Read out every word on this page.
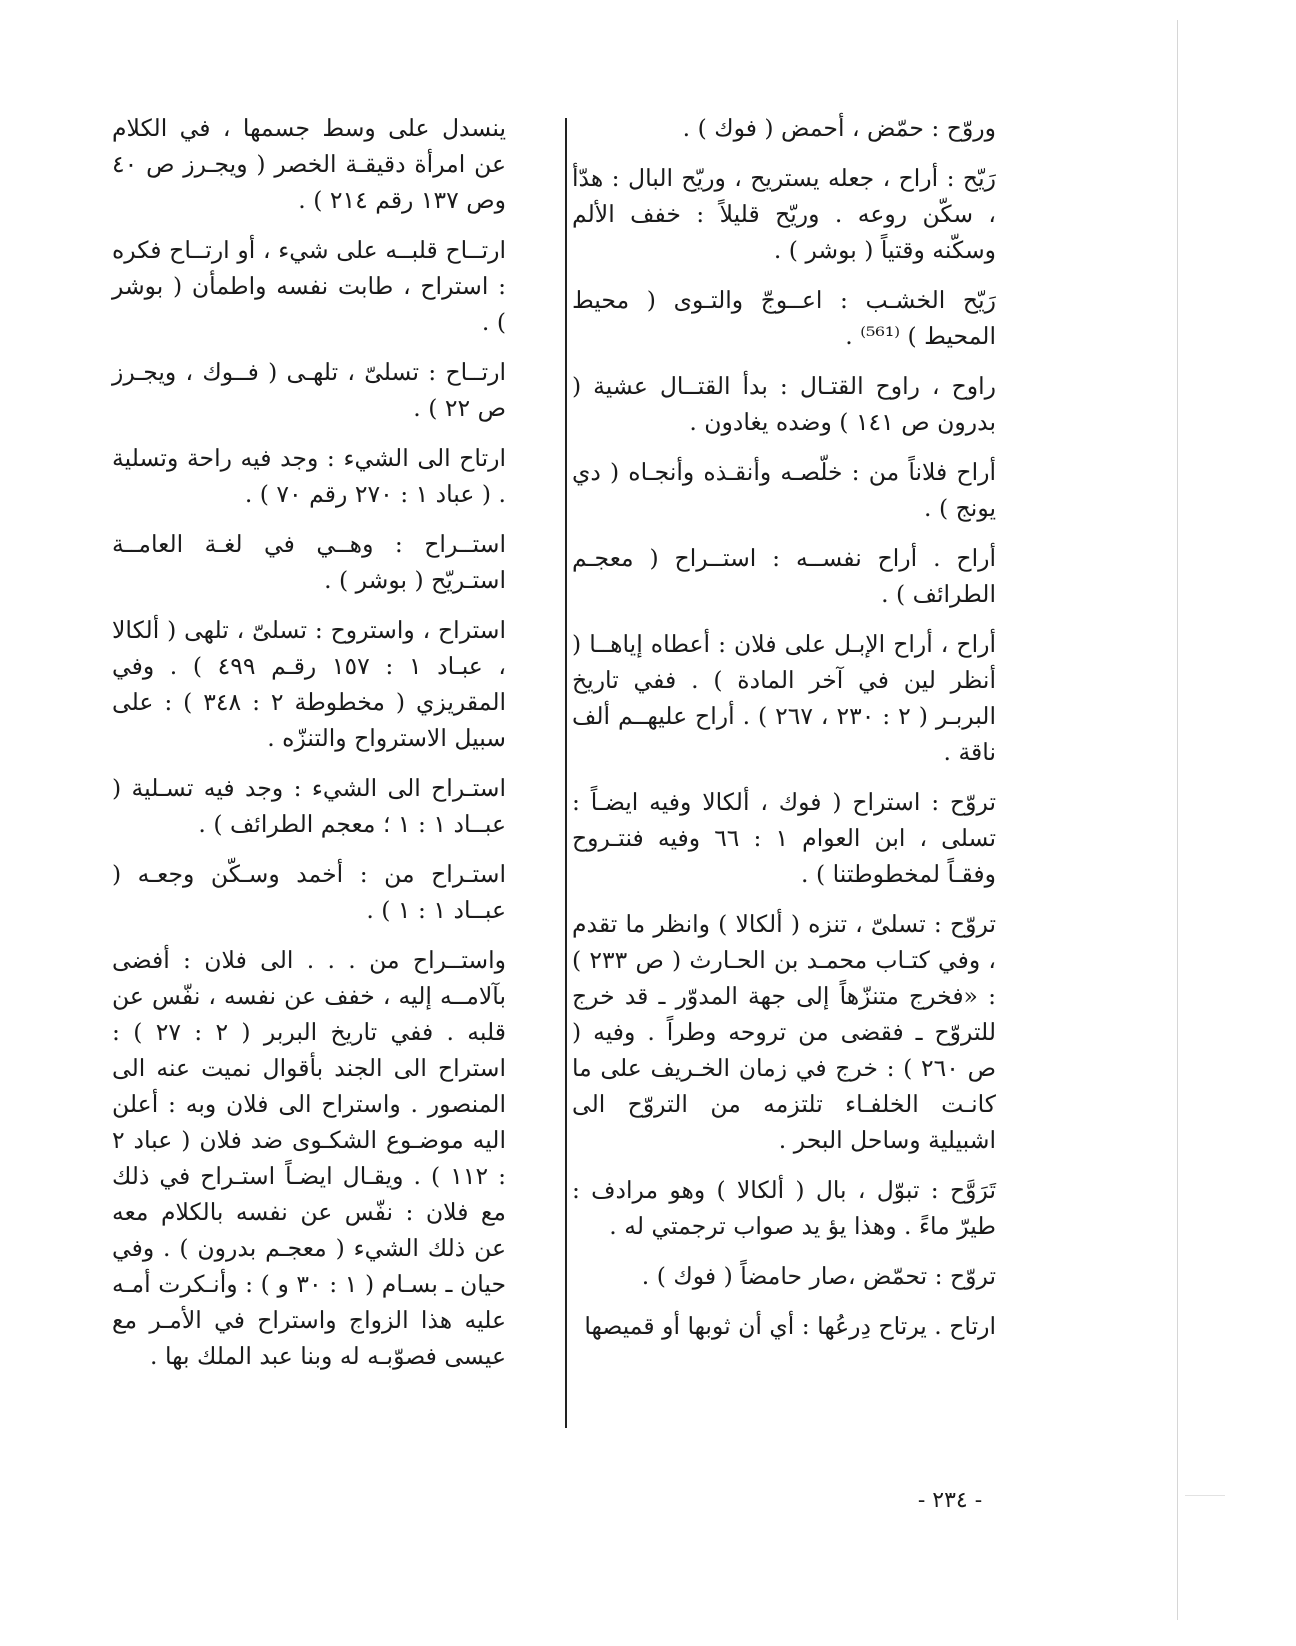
وروّح : حمّض ، أحمض ( فوك ) .

رَيّح : أراح ، جعله يستريح ، وريّح البال : هدّأ ، سكّن روعه . وريّح قليلاً : خفف الألم وسكّنه وقتياً ( بوشر ) .

رَيّح الخشـب : اعــوجّ والتـوى ( محيط المحيط ) ⁽⁵⁶¹⁾ .

راوح ، راوح القتـال : بدأ القتــال عشية ( بدرون ص ١٤١ ) وضده يغادون .

أراح فلاناً من : خلّصـه وأنقـذه وأنجـاه ( دي يونج ) .

أراح . أراح نفســه : استــراح ( معجـم الطرائف ) .

أراح ، أراح الإبـل على فلان : أعطاه إياهــا ( أنظر لين في آخر المادة ) . ففي تاريخ البربـر ( ٢ : ٢٣٠ ، ٢٦٧ ) . أراح عليهــم ألف ناقة .

تروّح : استراح ( فوك ، ألكالا وفيه ايضـاً : تسلى ، ابن العوام ١ : ٦٦ وفيه فنتـروح وفقـاً لمخطوطتنا ) .

تروّح : تسلىّ ، تنزه ( ألكالا ) وانظر ما تقدم ، وفي كتـاب محمـد بن الحـارث ( ص ٢٣٣ ) : «فخرج متنزّهاً إلى جهة المدوّر ـ قد خرج للتروّح ـ فقضى من تروحه وطراً . وفيه ( ص ٢٦٠ ) : خرج في زمان الخـريف على ما كانـت الخلفـاء تلتزمه من التروّح الى اشبيلية وساحل البحر .

تَرَوَّح : تبوّل ، بال ( ألكالا ) وهو مرادف : طيرّ ماءً . وهذا يؤ يد صواب ترجمتي له .

تروّح : تحمّض ،صار حامضاً ( فوك ) .

ارتاح . يرتاح دِرعُها : أي أن ثوبها أو قميصها

ينسدل على وسط جسمها ، في الكلام عن امرأة دقيقـة الخصر ( ويجـرز ص ٤٠ وص ١٣٧ رقم ٢١٤ ) .

ارتــاح قلبــه على شيء ، أو ارتــاح فكره : استراح ، طابت نفسه واطمأن ( بوشر ) .

ارتــاح : تسلىّ ، تلهـى ( فــوك ، ويجـرز ص ٢٢ ) .

ارتاح الى الشيء : وجد فيه راحة وتسلية . ( عباد ١ : ٢٧٠ رقم ٧٠ ) .

استــراح : وهــي في لغـة العامــة استـريّح ( بوشر ) .

استراح ، واستروح : تسلىّ ، تلهى ( ألكالا ، عبـاد ١ : ١٥٧ رقـم ٤٩٩ ) . وفي المقريزي ( مخطوطة ٢ : ٣٤٨ ) : على سبيل الاسترواح والتنزّه .

استـراح الى الشيء : وجد فيه تسـلية ( عبــاد ١ : ١ ؛ معجم الطرائف ) .

استـراح من : أخمد وسـكّن وجعـه ( عبــاد ١ : ١ ) .

واستــراح من . . . الى فلان : أفضى بآلامــه إليه ، خفف عن نفسه ، نفّس عن قلبه . ففي تاريخ البربر ( ٢ : ٢٧ ) : استراح الى الجند بأقوال نميت عنه الى المنصور . واستراح الى فلان وبه : أعلن اليه موضـوع الشكـوى ضد فلان ( عباد ٢ : ١١٢ ) . ويقـال ايضـاً استـراح في ذلك مع فلان : نفّس عن نفسه بالكلام معه عن ذلك الشيء ( معجـم بدرون ) . وفي حيان ـ بسـام ( ١ : ٣٠ و ) : وأنـكرت أمـه عليه هذا الزواج واستراح في الأمـر مع عيسى فصوّبـه له وبنا عبد الملك بها .

- ٢٣٤ -
